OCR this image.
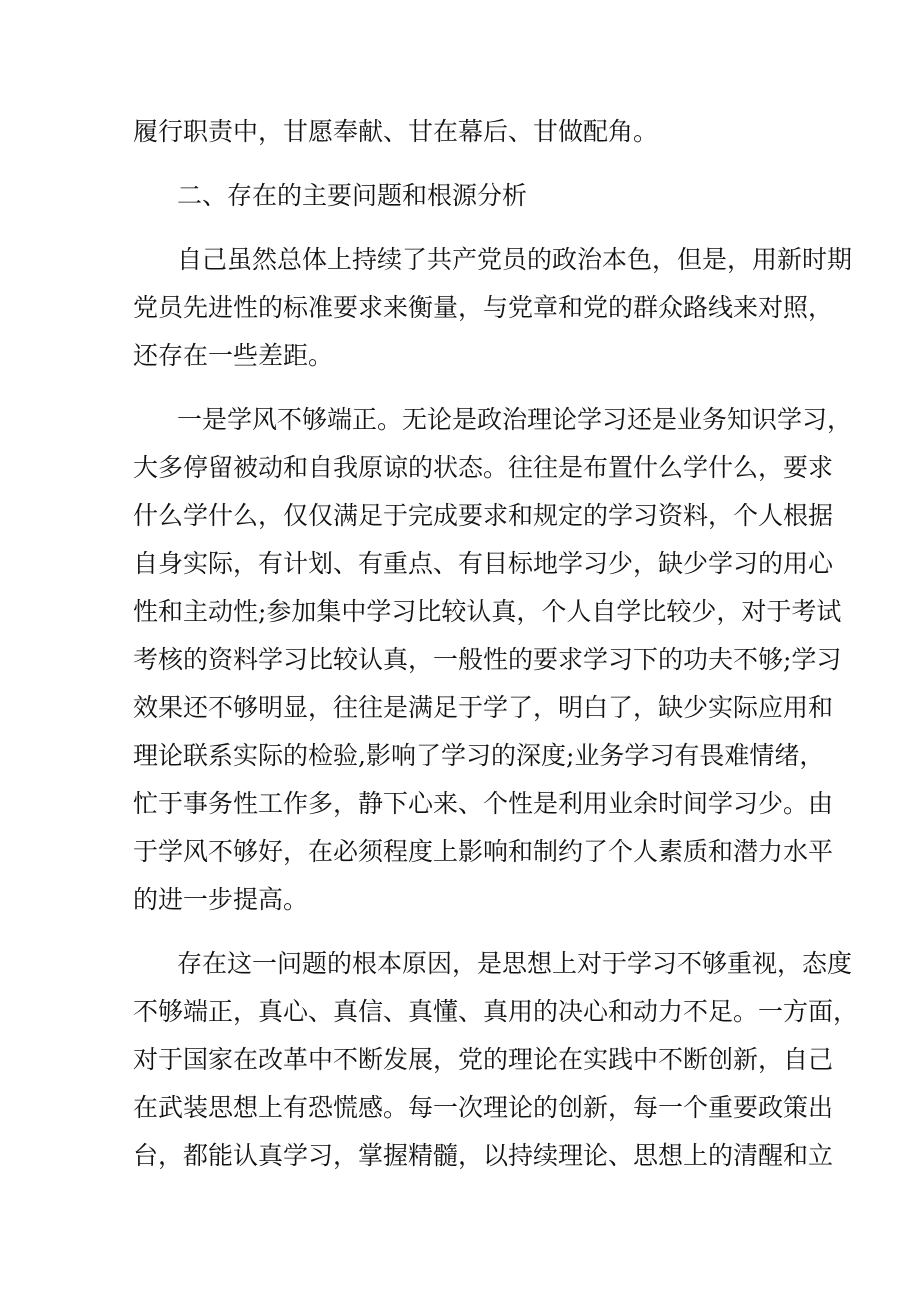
履行职责中，甘愿奉献、甘在幕后、甘做配角。

二、存在的主要问题和根源分析

自己虽然总体上持续了共产党员的政治本色，但是，用新时期
党员先进性的标准要求来衡量，与党章和党的群众路线来对照，
还存在一些差距。

一是学风不够端正。无论是政治理论学习还是业务知识学习，
大多停留被动和自我原谅的状态。往往是布置什么学什么，要求
什么学什么，仅仅满足于完成要求和规定的学习资料，个人根据
自身实际，有计划、有重点、有目标地学习少，缺少学习的用心
性和主动性;参加集中学习比较认真，个人自学比较少，对于考试
考核的资料学习比较认真，一般性的要求学习下的功夫不够;学习
效果还不够明显，往往是满足于学了，明白了，缺少实际应用和
理论联系实际的检验,影响了学习的深度;业务学习有畏难情绪，
忙于事务性工作多，静下心来、个性是利用业余时间学习少。由
于学风不够好，在必须程度上影响和制约了个人素质和潜力水平
的进一步提高。

存在这一问题的根本原因，是思想上对于学习不够重视，态度
不够端正，真心、真信、真懂、真用的决心和动力不足。一方面，
对于国家在改革中不断发展，党的理论在实践中不断创新，自己
在武装思想上有恐慌感。每一次理论的创新，每一个重要政策出
台，都能认真学习，掌握精髓，以持续理论、思想上的清醒和立
